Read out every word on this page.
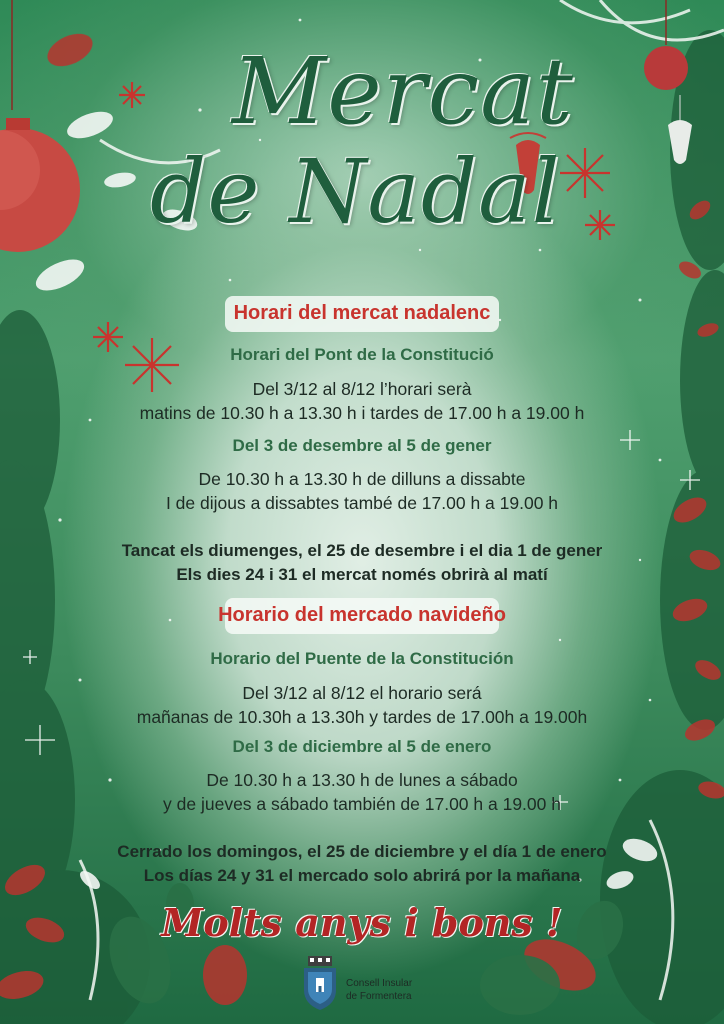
Mercat
de Nadal
Horari del mercat nadalenc
Horari del Pont de la Constitució
Del 3/12 al 8/12 l’horari serà
matins de 10.30 h a 13.30 h i tardes de 17.00 h a 19.00 h
Del 3 de desembre al 5 de gener
De 10.30 h a 13.30 h de dilluns a dissabte
I de dijous a dissabtes també de 17.00 h a 19.00 h
Tancat els diumenges, el 25 de desembre i el dia 1 de gener
Els dies 24 i 31 el mercat només obrirà al matí
Horario del mercado navideño
Horario del Puente de la Constitución
Del 3/12 al 8/12 el horario será
mañanas de 10.30h a 13.30h y tardes de 17.00h a 19.00h
Del 3 de diciembre al 5 de enero
De 10.30 h a 13.30 h de lunes a sábado
y de jueves a sábado también de 17.00 h a 19.00 h
Cerrado los domingos, el 25 de diciembre y el día 1 de enero
Los días 24 y 31 el mercado solo abrirá por la mañana
Molts anys i bons !
Consell Insular
de Formentera
